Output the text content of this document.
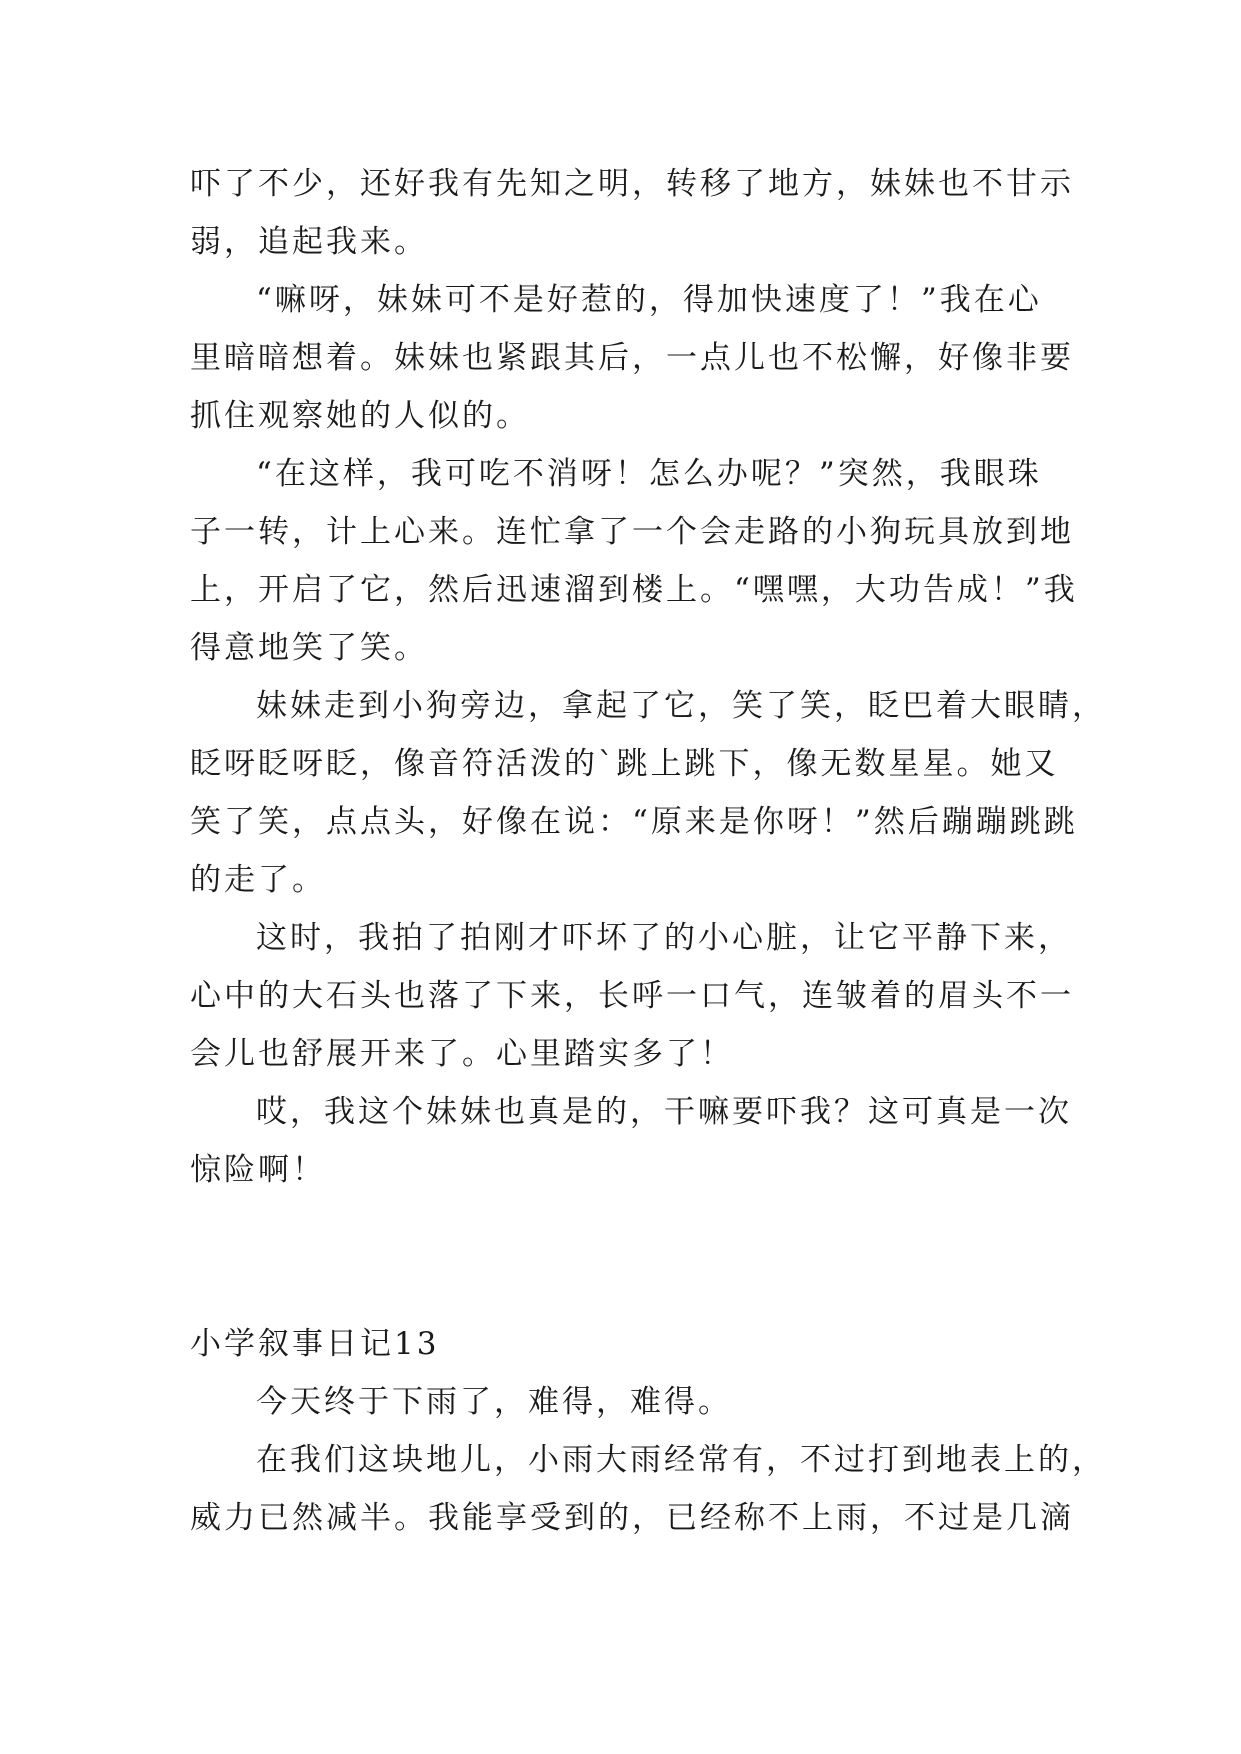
吓了不少，还好我有先知之明，转移了地方，妹妹也不甘示
弱，追起我来。
“嘛呀，妹妹可不是好惹的，得加快速度了！”我在心
里暗暗想着。妹妹也紧跟其后，一点儿也不松懈，好像非要
抓住观察她的人似的。
“在这样，我可吃不消呀！怎么办呢？”突然，我眼珠
子一转，计上心来。连忙拿了一个会走路的小狗玩具放到地
上，开启了它，然后迅速溜到楼上。“嘿嘿，大功告成！”我
得意地笑了笑。
妹妹走到小狗旁边，拿起了它，笑了笑，眨巴着大眼睛，
眨呀眨呀眨，像音符活泼的`跳上跳下，像无数星星。她又
笑了笑，点点头，好像在说：“原来是你呀！”然后蹦蹦跳跳
的走了。
这时，我拍了拍刚才吓坏了的小心脏，让它平静下来，
心中的大石头也落了下来，长呼一口气，连皱着的眉头不一
会儿也舒展开来了。心里踏实多了！
哎，我这个妹妹也真是的，干嘛要吓我？这可真是一次
惊险啊！
小学叙事日记13
今天终于下雨了，难得，难得。
在我们这块地儿，小雨大雨经常有，不过打到地表上的，
威力已然减半。我能享受到的，已经称不上雨，不过是几滴
